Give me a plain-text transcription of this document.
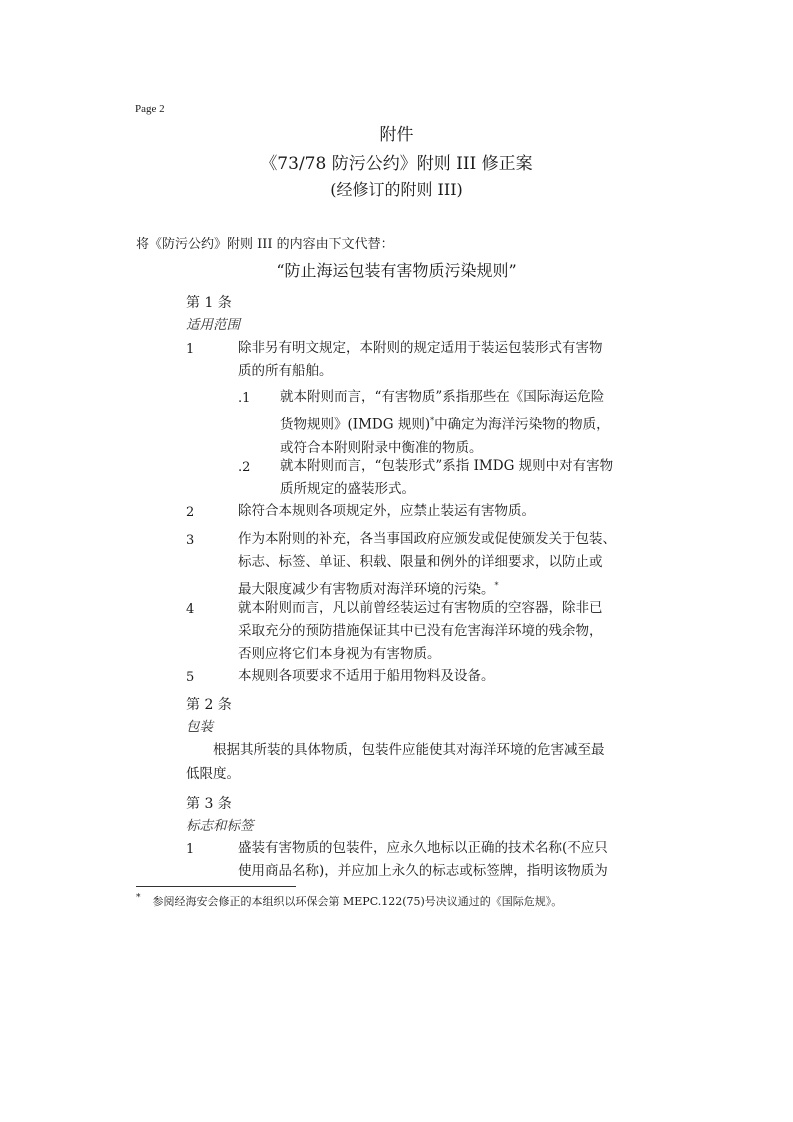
Page 2
附件
《73/78 防污公约》附则 III 修正案
(经修订的附则 III)
将《防污公约》附则 III 的内容由下文代替：
“防止海运包装有害物质污染规则”
第 1 条
适用范围
1	除非另有明文规定，本附则的规定适用于装运包装形式有害物
质的所有船舶。
.1 就本附则而言，“有害物质”系指那些在《国际海运危险
货物规则》(IMDG 规则)*中确定为海洋污染物的物质，
或符合本附则附录中衡准的物质。
.2 就本附则而言，“包装形式”系指 IMDG 规则中对有害物
质所规定的盛装形式。
2	除符合本规则各项规定外，应禁止装运有害物质。
3	作为本附则的补充，各当事国政府应颁发或促使颁发关于包装、
标志、标签、单证、积载、限量和例外的详细要求，以防止或
最大限度减少有害物质对海洋环境的污染。*
4	就本附则而言，凡以前曾经装运过有害物质的空容器，除非已
采取充分的预防措施保证其中已没有危害海洋环境的残余物，
否则应将它们本身视为有害物质。
5	本规则各项要求不适用于船用物料及设备。
第 2 条
包装
根据其所装的具体物质，包装件应能使其对海洋环境的危害减至最
低限度。
第 3 条
标志和标签
1	盛装有害物质的包装件，应永久地标以正确的技术名称(不应只
使用商品名称)，并应加上永久的标志或标签牌，指明该物质为
* 参阅经海安会修正的本组织以环保会第 MEPC.122(75)号决议通过的《国际危规》。
